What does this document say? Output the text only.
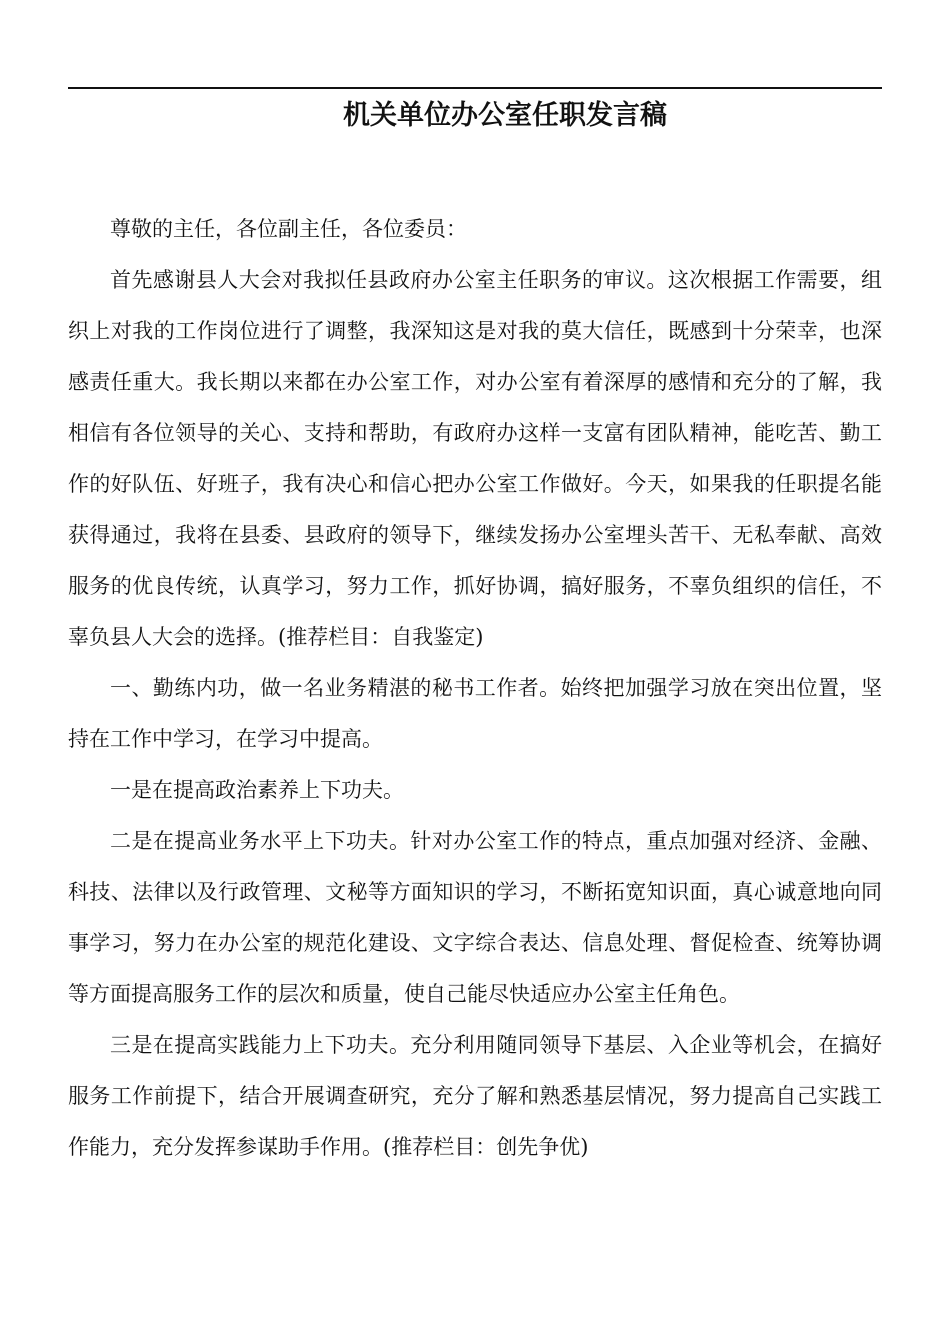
机关单位办公室任职发言稿

尊敬的主任，各位副主任，各位委员：

首先感谢县人大会对我拟任县政府办公室主任职务的审议。这次根据工作需要，组织上对我的工作岗位进行了调整，我深知这是对我的莫大信任，既感到十分荣幸，也深感责任重大。我长期以来都在办公室工作，对办公室有着深厚的感情和充分的了解，我相信有各位领导的关心、支持和帮助，有政府办这样一支富有团队精神，能吃苦、勤工作的好队伍、好班子，我有决心和信心把办公室工作做好。今天，如果我的任职提名能获得通过，我将在县委、县政府的领导下，继续发扬办公室埋头苦干、无私奉献、高效服务的优良传统，认真学习，努力工作，抓好协调，搞好服务，不辜负组织的信任，不辜负县人大会的选择。(推荐栏目：自我鉴定)

一、勤练内功，做一名业务精湛的秘书工作者。始终把加强学习放在突出位置，坚持在工作中学习，在学习中提高。

一是在提高政治素养上下功夫。

二是在提高业务水平上下功夫。针对办公室工作的特点，重点加强对经济、金融、科技、法律以及行政管理、文秘等方面知识的学习，不断拓宽知识面，真心诚意地向同事学习，努力在办公室的规范化建设、文字综合表达、信息处理、督促检查、统筹协调等方面提高服务工作的层次和质量，使自己能尽快适应办公室主任角色。

三是在提高实践能力上下功夫。充分利用随同领导下基层、入企业等机会，在搞好服务工作前提下，结合开展调查研究，充分了解和熟悉基层情况，努力提高自己实践工作能力，充分发挥参谋助手作用。(推荐栏目：创先争优)
